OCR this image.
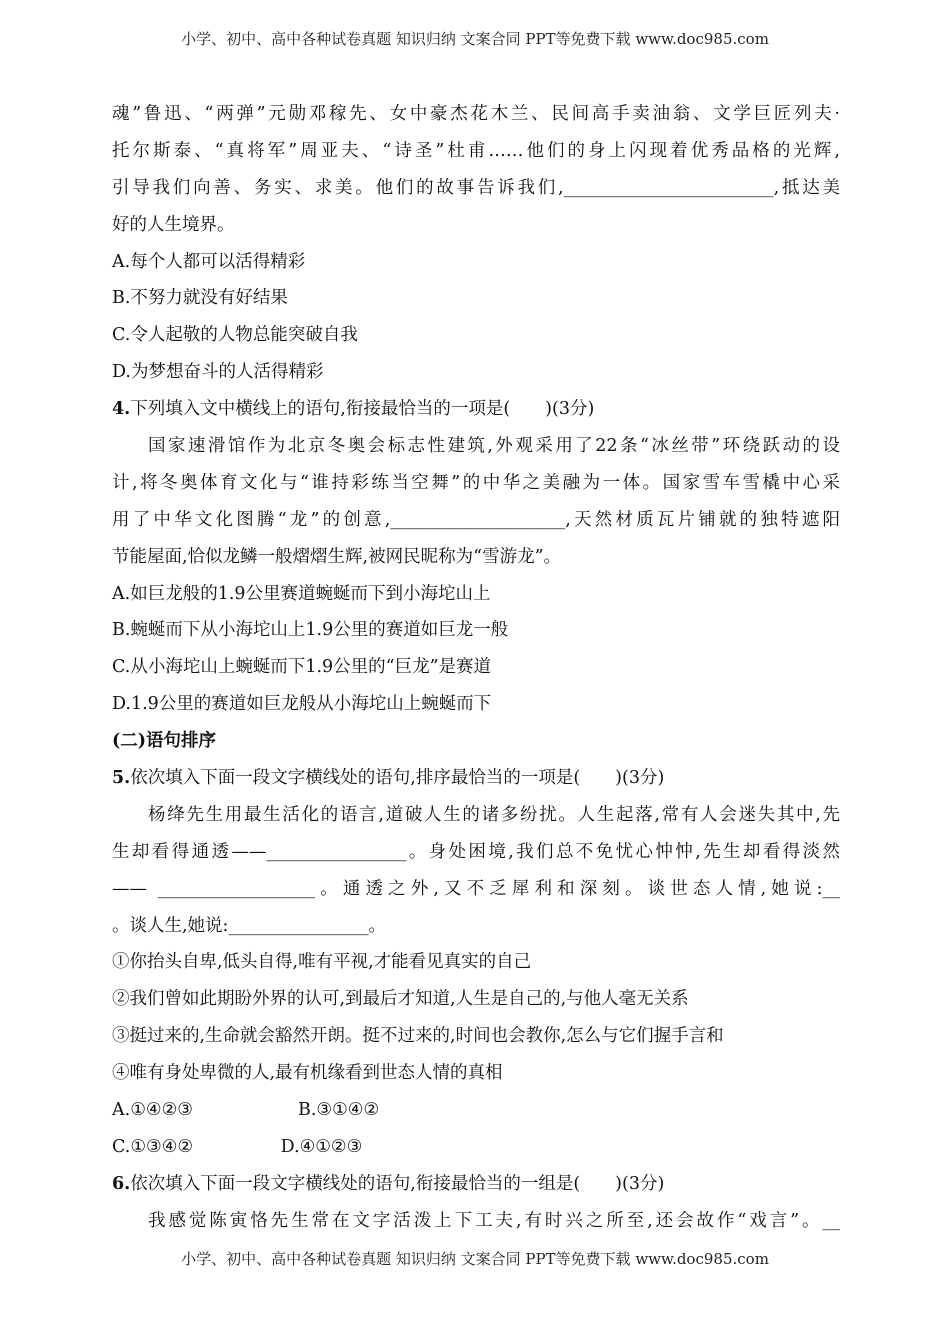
小学、初中、高中各种试卷真题 知识归纳 文案合同 PPT等免费下载 www.doc985.com
魂”鲁迅、“两弹”元勋邓稼先、女中豪杰花木兰、民间高手卖油翁、文学巨匠列夫·
托尔斯泰、“真将军”周亚夫、“诗圣”杜甫……他们的身上闪现着优秀品格的光辉,
引导我们向善、务实、求美。他们的故事告诉我们,________________________,抵达美
好的人生境界。
A.每个人都可以活得精彩
B.不努力就没有好结果
C.令人起敬的人物总能突破自我
D.为梦想奋斗的人活得精彩
4.下列填入文中横线上的语句,衔接最恰当的一项是(　　)(3分)
国家速滑馆作为北京冬奥会标志性建筑,外观采用了22条“冰丝带”环绕跃动的设
计,将冬奥体育文化与“谁持彩练当空舞”的中华之美融为一体。国家雪车雪橇中心采
用了中华文化图腾“龙”的创意,____________________,天然材质瓦片铺就的独特遮阳
节能屋面,恰似龙鳞一般熠熠生辉,被网民昵称为“雪游龙”。
A.如巨龙般的1.9公里赛道蜿蜒而下到小海坨山上
B.蜿蜒而下从小海坨山上1.9公里的赛道如巨龙一般
C.从小海坨山上蜿蜒而下1.9公里的“巨龙”是赛道
D.1.9公里的赛道如巨龙般从小海坨山上蜿蜒而下
(二)语句排序
5.依次填入下面一段文字横线处的语句,排序最恰当的一项是(　　)(3分)
杨绛先生用最生活化的语言,道破人生的诸多纷扰。人生起落,常有人会迷失其中,先
生却看得通透——________________。身处困境,我们总不免忧心忡忡,先生却看得淡然
—— __________________。通透之外,又不乏犀利和深刻。谈世态人情,她说:__
。谈人生,她说:________________。
①你抬头自卑,低头自得,唯有平视,才能看见真实的自己
②我们曾如此期盼外界的认可,到最后才知道,人生是自己的,与他人毫无关系
③挺过来的,生命就会豁然开朗。挺不过来的,时间也会教你,怎么与它们握手言和
④唯有身处卑微的人,最有机缘看到世态人情的真相
A.①④②③　　　　　　B.③①④②
C.①③④②　　　　　D.④①②③
6.依次填入下面一段文字横线处的语句,衔接最恰当的一组是(　　)(3分)
我感觉陈寅恪先生常在文字活泼上下工夫,有时兴之所至,还会故作“戏言”。__
小学、初中、高中各种试卷真题 知识归纳 文案合同 PPT等免费下载 www.doc985.com
